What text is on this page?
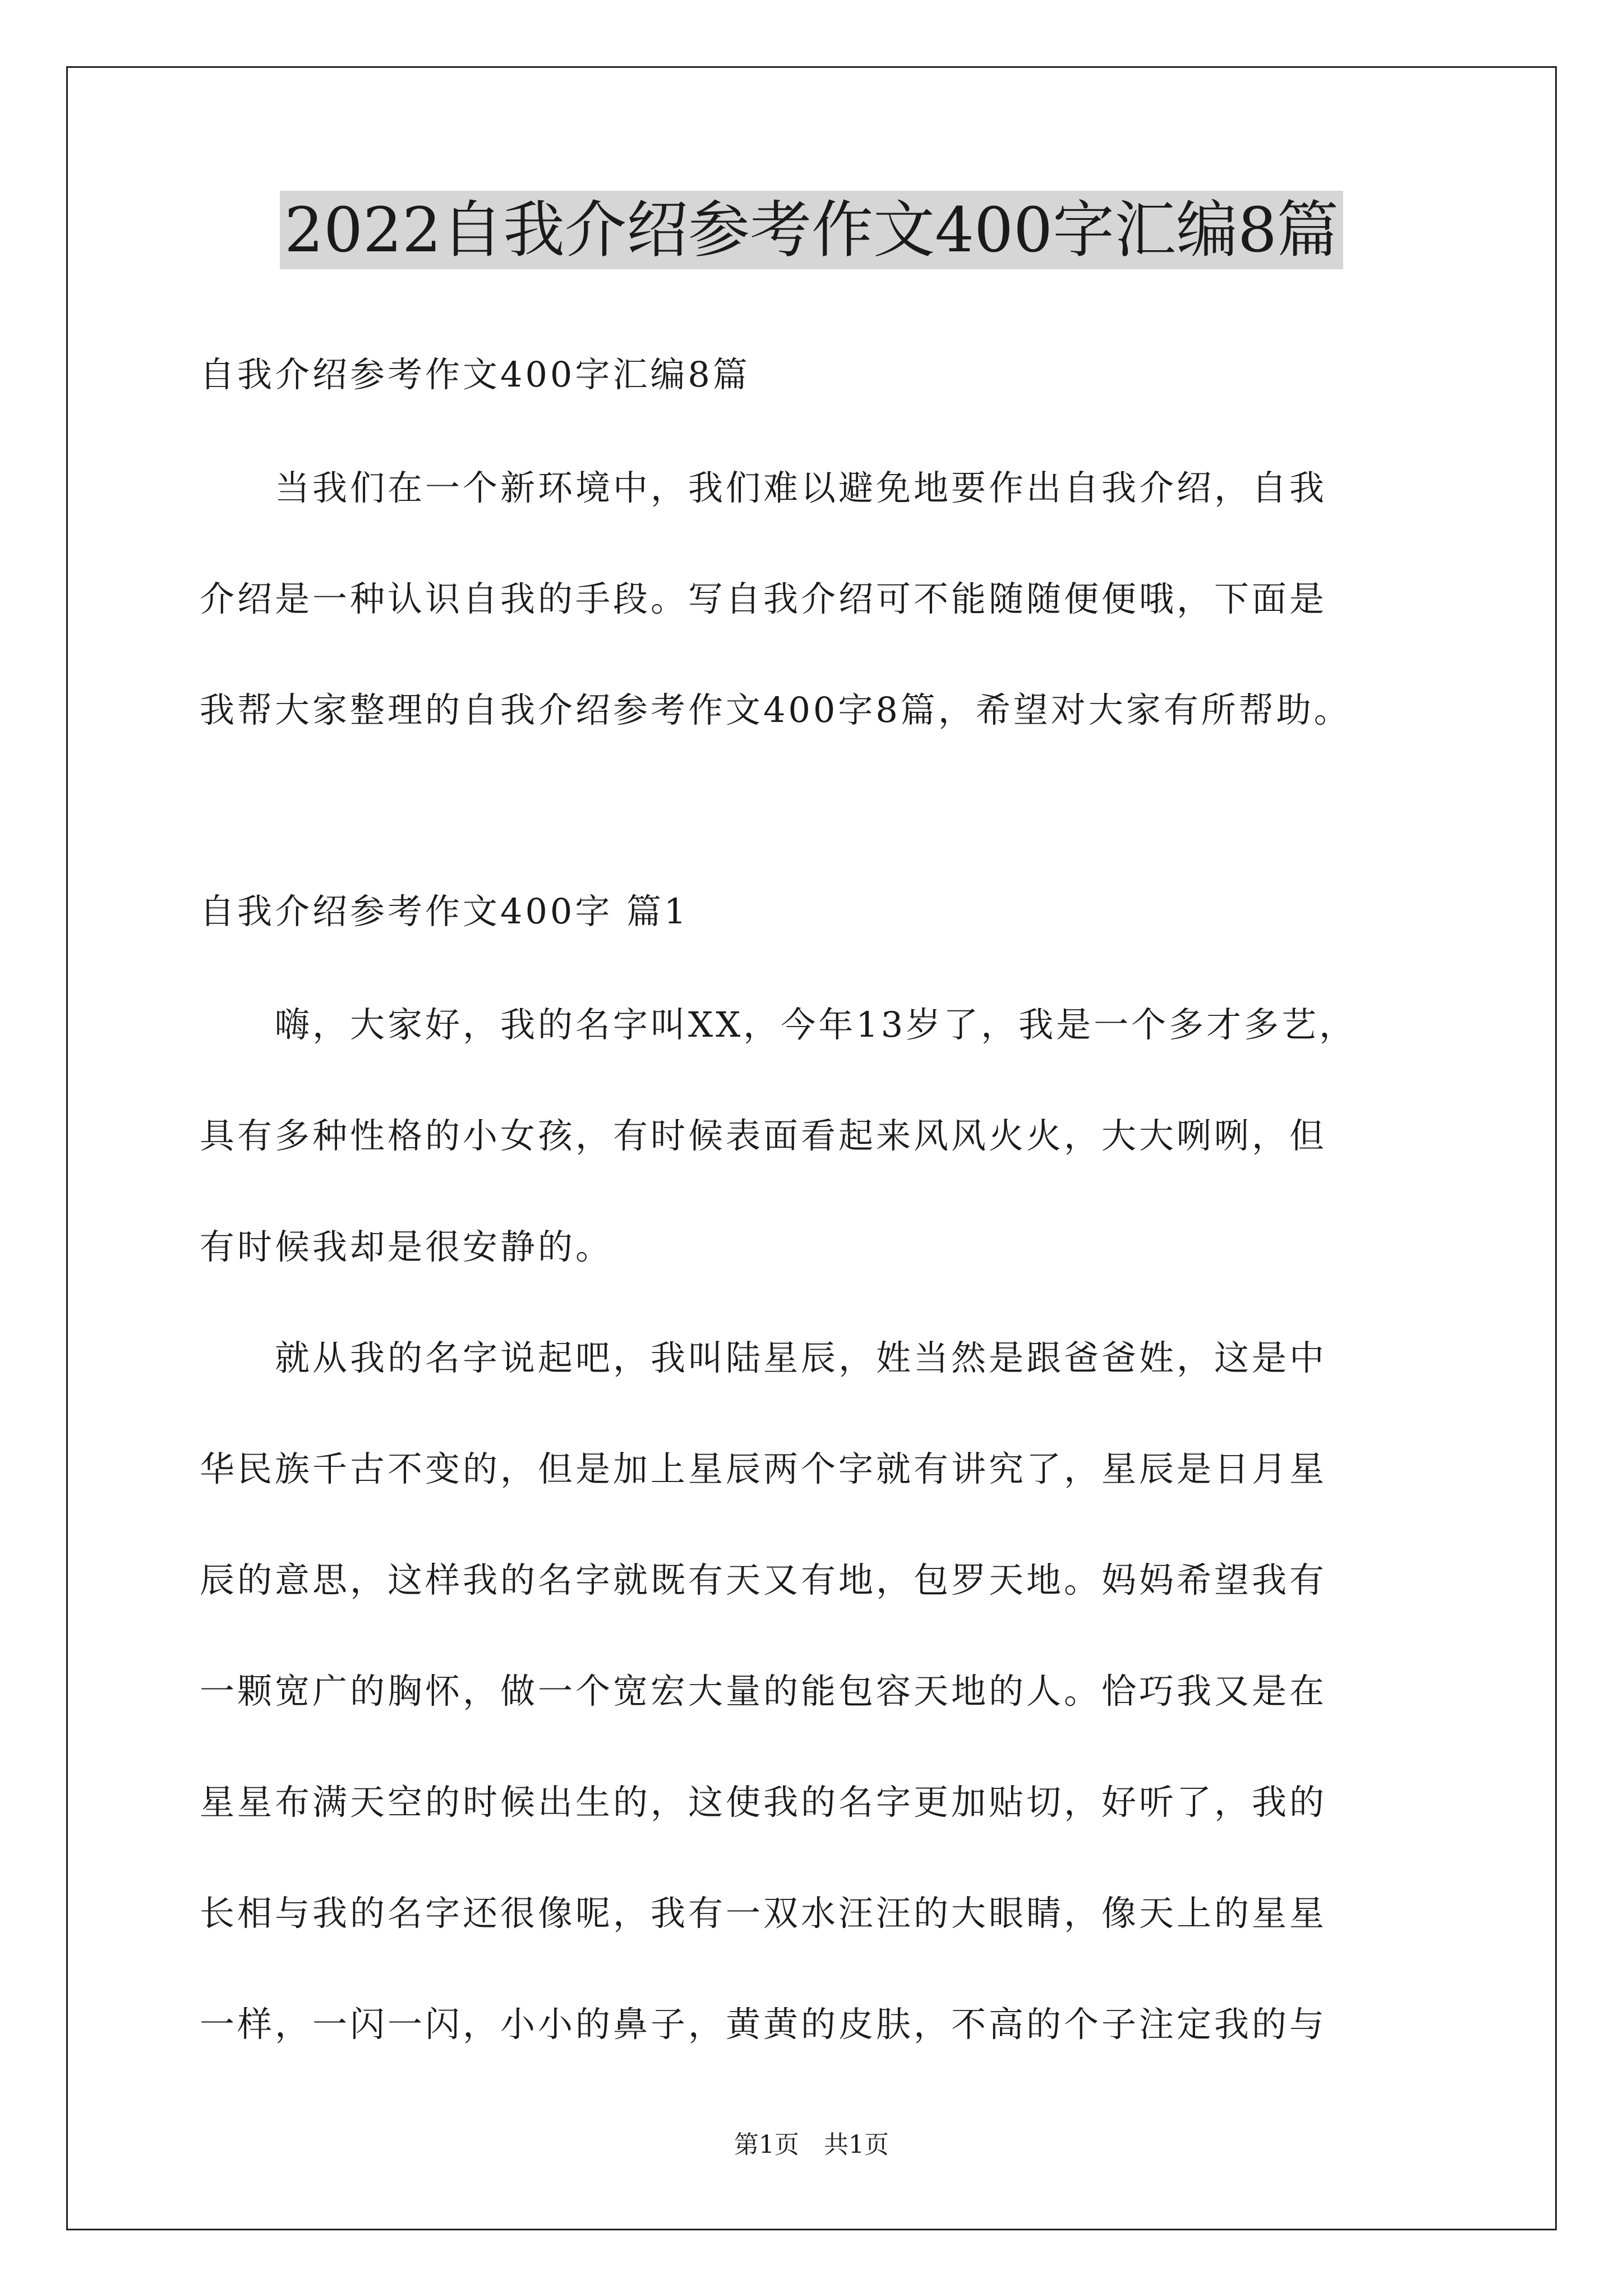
2022自我介绍参考作文400字汇编8篇
自我介绍参考作文400字汇编8篇
　　当我们在一个新环境中，我们难以避免地要作出自我介绍，自我
介绍是一种认识自我的手段。写自我介绍可不能随随便便哦，下面是
我帮大家整理的自我介绍参考作文400字8篇，希望对大家有所帮助。
自我介绍参考作文400字 篇1
　　嗨，大家好，我的名字叫XX，今年13岁了，我是一个多才多艺，
具有多种性格的小女孩，有时候表面看起来风风火火，大大咧咧，但
有时候我却是很安静的。
　　就从我的名字说起吧，我叫陆星辰，姓当然是跟爸爸姓，这是中
华民族千古不变的，但是加上星辰两个字就有讲究了，星辰是日月星
辰的意思，这样我的名字就既有天又有地，包罗天地。妈妈希望我有
一颗宽广的胸怀，做一个宽宏大量的能包容天地的人。恰巧我又是在
星星布满天空的时候出生的，这使我的名字更加贴切，好听了，我的
长相与我的名字还很像呢，我有一双水汪汪的大眼睛，像天上的星星
一样，一闪一闪，小小的鼻子，黄黄的皮肤，不高的个子注定我的与
第1页　共1页
